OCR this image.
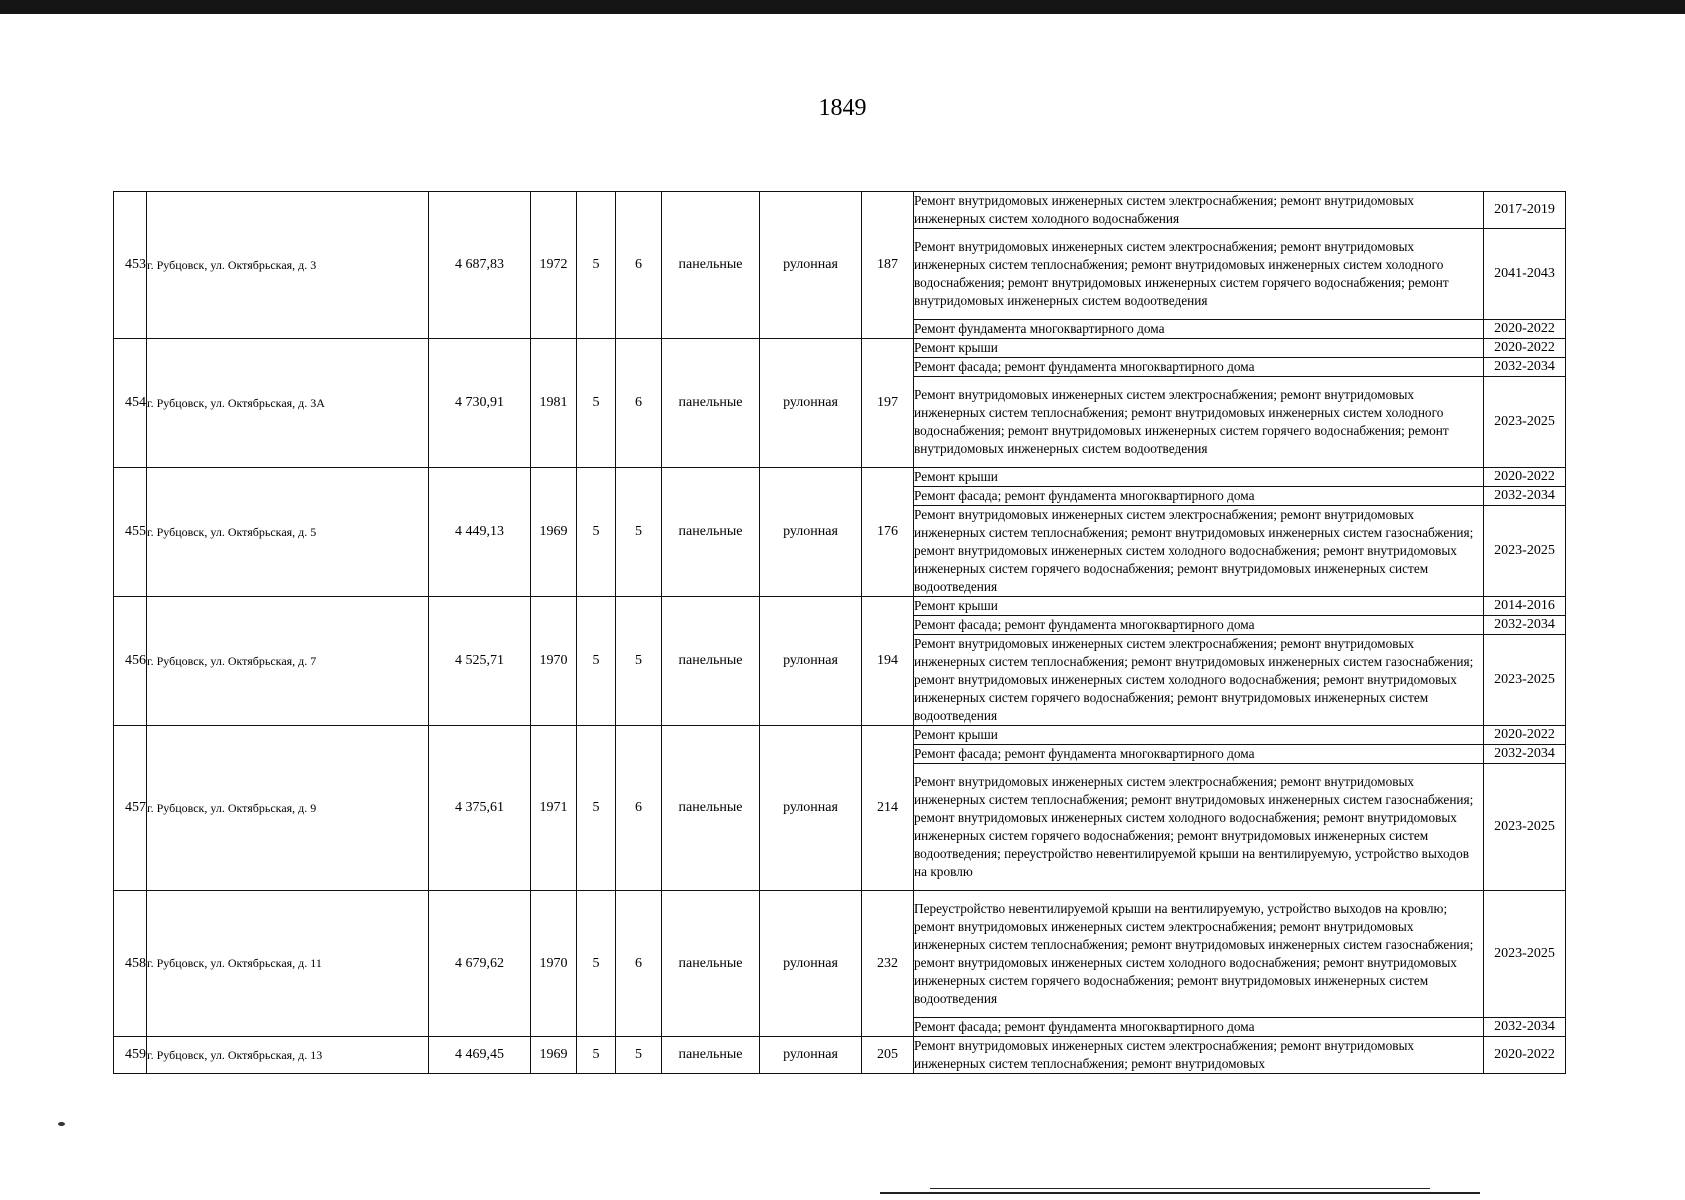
1849
453	г. Рубцовск, ул. Октябрьская, д. 3	4 687,83	1972	5	6	панельные	рулонная	187	Ремонт внутридомовых инженерных систем электроснабжения; ремонт внутридомовых инженерных систем холодного водоснабжения	2017-2019
									Ремонт внутридомовых инженерных систем электроснабжения; ремонт внутридомовых инженерных систем теплоснабжения; ремонт внутридомовых инженерных систем холодного водоснабжения; ремонт внутридомовых инженерных систем горячего водоснабжения; ремонт внутридомовых инженерных систем водоотведения	2041-2043
									Ремонт фундамента многоквартирного дома	2020-2022
454	г. Рубцовск, ул. Октябрьская, д. 3А	4 730,91	1981	5	6	панельные	рулонная	197	Ремонт крыши	2020-2022
									Ремонт фасада; ремонт фундамента многоквартирного дома	2032-2034
									Ремонт внутридомовых инженерных систем электроснабжения; ремонт внутридомовых инженерных систем теплоснабжения; ремонт внутридомовых инженерных систем холодного водоснабжения; ремонт внутридомовых инженерных систем горячего водоснабжения; ремонт внутридомовых инженерных систем водоотведения	2023-2025
455	г. Рубцовск, ул. Октябрьская, д. 5	4 449,13	1969	5	5	панельные	рулонная	176	Ремонт крыши	2020-2022
									Ремонт фасада; ремонт фундамента многоквартирного дома	2032-2034
									Ремонт внутридомовых инженерных систем электроснабжения; ремонт внутридомовых инженерных систем теплоснабжения; ремонт внутридомовых инженерных систем газоснабжения; ремонт внутридомовых инженерных систем холодного водоснабжения; ремонт внутридомовых инженерных систем горячего водоснабжения; ремонт внутридомовых инженерных систем водоотведения	2023-2025
456	г. Рубцовск, ул. Октябрьская, д. 7	4 525,71	1970	5	5	панельные	рулонная	194	Ремонт крыши	2014-2016
									Ремонт фасада; ремонт фундамента многоквартирного дома	2032-2034
									Ремонт внутридомовых инженерных систем электроснабжения; ремонт внутридомовых инженерных систем теплоснабжения; ремонт внутридомовых инженерных систем газоснабжения; ремонт внутридомовых инженерных систем холодного водоснабжения; ремонт внутридомовых инженерных систем горячего водоснабжения; ремонт внутридомовых инженерных систем водоотведения	2023-2025
457	г. Рубцовск, ул. Октябрьская, д. 9	4 375,61	1971	5	6	панельные	рулонная	214	Ремонт крыши	2020-2022
									Ремонт фасада; ремонт фундамента многоквартирного дома	2032-2034
									Ремонт внутридомовых инженерных систем электроснабжения; ремонт внутридомовых инженерных систем теплоснабжения; ремонт внутридомовых инженерных систем газоснабжения; ремонт внутридомовых инженерных систем холодного водоснабжения; ремонт внутридомовых инженерных систем горячего водоснабжения; ремонт внутридомовых инженерных систем водоотведения; переустройство невентилируемой крыши на вентилируемую, устройство выходов на кровлю	2023-2025
458	г. Рубцовск, ул. Октябрьская, д. 11	4 679,62	1970	5	6	панельные	рулонная	232	Переустройство невентилируемой крыши на вентилируемую, устройство выходов на кровлю; ремонт внутридомовых инженерных систем электроснабжения; ремонт внутридомовых инженерных систем теплоснабжения; ремонт внутридомовых инженерных систем газоснабжения; ремонт внутридомовых инженерных систем холодного водоснабжения; ремонт внутридомовых инженерных систем горячего водоснабжения; ремонт внутридомовых инженерных систем водоотведения	2023-2025
									Ремонт фасада; ремонт фундамента многоквартирного дома	2032-2034
459	г. Рубцовск, ул. Октябрьская, д. 13	4 469,45	1969	5	5	панельные	рулонная	205	Ремонт внутридомовых инженерных систем электроснабжения; ремонт внутридомовых инженерных систем теплоснабжения; ремонт внутридомовых	2020-2022
